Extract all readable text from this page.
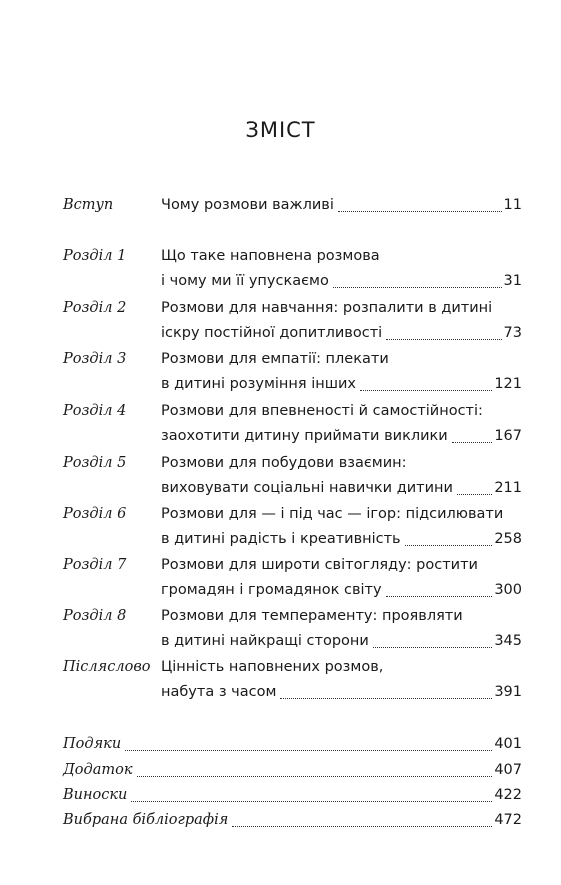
ЗМІСТ
Вступ	Чому розмови важливі	11
Розділ 1 Що таке наповнена розмова
і чому ми її упускаємо	31
Розділ 2 Розмови для навчання: розпалити в дитині
іскру постійної допитливості	73
Розділ 3 Розмови для емпатії: плекати
в дитині розуміння інших	121
Розділ 4 Розмови для впевненості й самостійності:
заохотити дитину приймати виклики	167
Розділ 5 Розмови для побудови взаємин:
виховувати соціальні навички дитини	211
Розділ 6 Розмови для — і під час — ігор: підсилювати
в дитині радість і креативність	258
Розділ 7 Розмови для широти світогляду: ростити
громадян і громадянок світу	300
Розділ 8 Розмови для темпераменту: проявляти
в дитині найкращі сторони	345
Післяслово Цінність наповнених розмов,
набута з часом	391
Подяки	401
Додаток	407
Виноски	422
Вибрана бібліографія	472
